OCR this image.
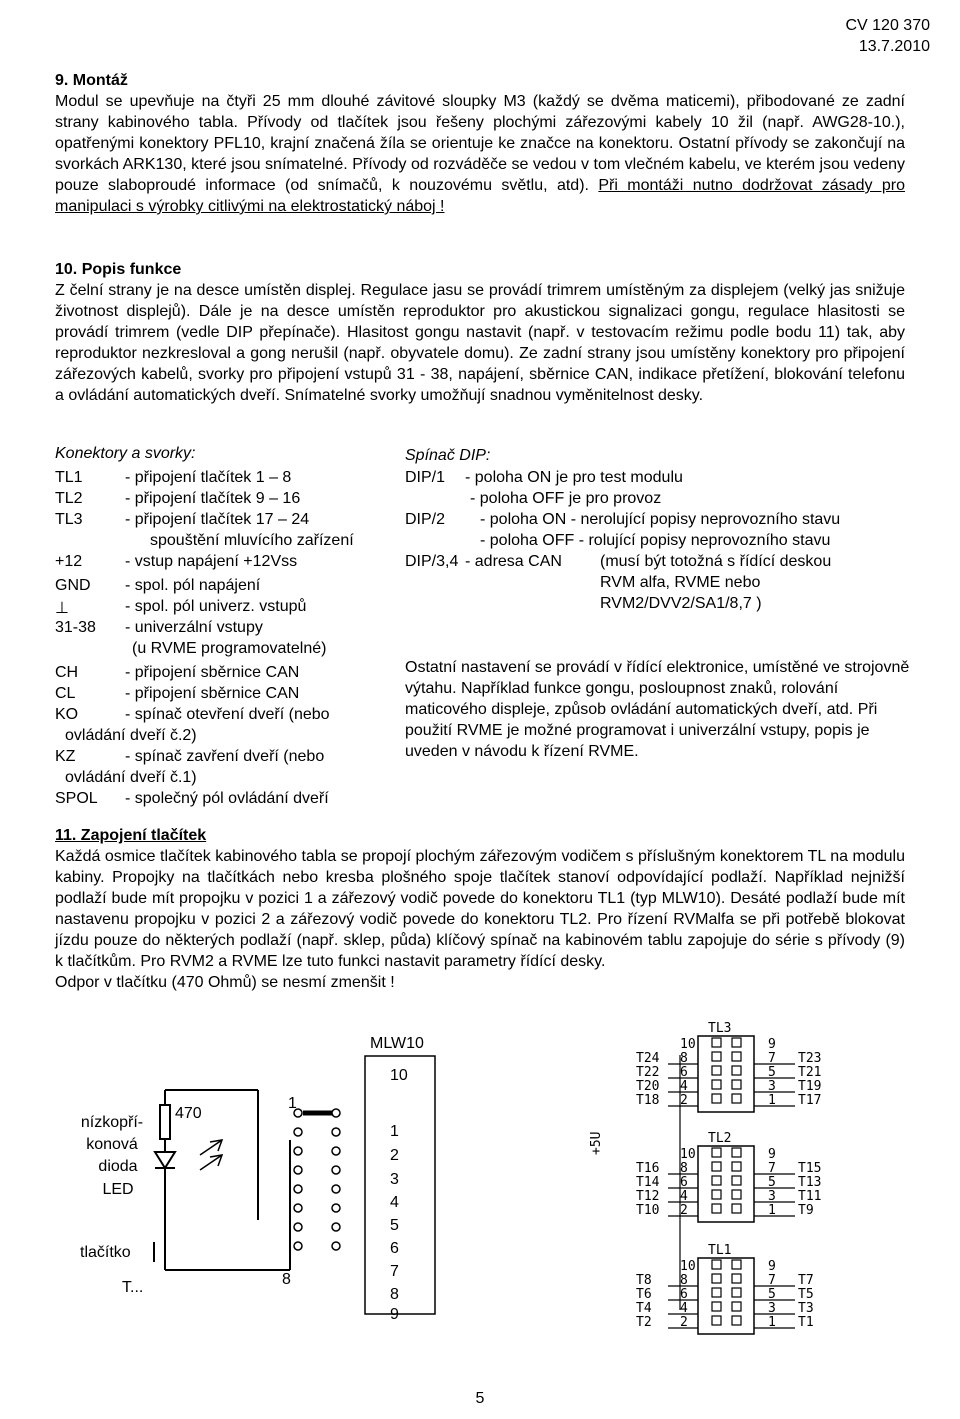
CV 120 370
13.7.2010
9. Montáž

Modul se upevňuje na čtyři 25 mm dlouhé závitové sloupky M3 (každý se dvěma maticemi), přibodované ze zadní strany kabinového tabla. Přívody od tlačítek jsou řešeny plochými zářezovými kabely 10 žil (např. AWG28-10.), opatřenými konektory PFL10, krajní značená žíla se orientuje ke značce na konektoru. Ostatní přívody se zakončují na svorkách ARK130, které jsou snímatelné. Přívody od rozváděče se vedou v tom vlečném kabelu, ve kterém jsou vedeny pouze slaboproudé informace (od snímačů, k nouzovému světlu, atd). Při montáži nutno dodržovat zásady pro manipulaci s výrobky citlivými na elektrostatický náboj !

10. Popis funkce

Z čelní strany je na desce umístěn displej. Regulace jasu se provádí trimrem umístěným za displejem (velký jas snižuje životnost displejů). Dále je na desce umístěn reproduktor pro akustickou signalizaci gongu, regulace hlasitosti se provádí trimrem (vedle DIP přepínače). Hlasitost gongu nastavit (např. v testovacím režimu podle bodu 11) tak, aby reproduktor nezkresloval a gong nerušil (např. obyvatele domu). Ze zadní strany jsou umístěny konektory pro připojení zářezových kabelů, svorky pro připojení vstupů 31 - 38, napájení, sběrnice CAN, indikace přetížení, blokování telefonu a ovládání automatických dveří. Snímatelné svorky umožňují snadnou vyměnitelnost desky.

Konektory a svorky:
TL1	- připojení tlačítek 1 – 8
TL2	- připojení tlačítek 9 – 16
TL3	- připojení tlačítek 17 – 24
spouštění mluvícího zařízení
+12	- vstup napájení +12Vss
GND - spol. pól napájení
⊥	- spol. pól univerz. vstupů
31-38 - univerzální vstupy
(u RVME programovatelné)
CH	- připojení sběrnice CAN
CL	- připojení sběrnice CAN
KO	- spínač otevření dveří (nebo
ovládání dveří č.2)
KZ	- spínač zavření dveří (nebo
ovládání dveří č.1)
SPOL - společný pól ovládání dveří
Spínač DIP:
DIP/1 - poloha ON je pro test modulu
- poloha OFF je pro provoz
DIP/2 - poloha ON - nerolující popisy neprovozního stavu
- poloha OFF - rolující popisy neprovozního stavu
DIP/3,4 - adresa CAN (musí být totožná s řídící deskou
RVM alfa, RVME nebo
RVM2/DVV2/SA1/8,7 )

Ostatní nastavení se provádí v řídící elektronice, umístěné ve strojovně výtahu. Například funkce gongu, posloupnost znaků, rolování maticového displeje, způsob ovládání automatických dveří, atd. Při použití RVME je možné programovat i univerzální vstupy, popis je uveden v návodu k řízení RVME.

11. Zapojení tlačítek

Každá osmice tlačítek kabinového tabla se propojí plochým zářezovým vodičem s příslušným konektorem TL na modulu kabiny. Propojky na tlačítkách nebo kresba plošného spoje tlačítek stanoví odpovídající podlaží. Například nejnižší podlaží bude mít propojku v pozici 1 a zářezový vodič povede do konektoru TL1 (typ MLW10). Desáté podlaží bude mít nastavenu propojku v pozici 2 a zářezový vodič povede do konektoru TL2. Pro řízení RVMalfa se při potřebě blokovat jízdu pouze do některých podlaží (např. sklep, půda) klíčový spínač na kabinovém tablu zapojuje do série s přívody (9) k tlačítkům. Pro RVM2 a RVME lze tuto funkci nastavit parametry řídící desky.

Odpor v tlačítku (470 Ohmů) se nesmí zmenšit !

nízkopří-
konová
dioda
LED
470
tlačítko
T...
1
8
MLW10
10
1
2
3
4
5
6
7
8
9
+5U
TL3
10	9
T24 8	7 T23
T22 6	5 T21
T20 4	3 T19
T18 2	1 T17
TL2
10	9
T16 8	7 T15
T14 6	5 T13
T12 4	3 T11
T10 2	1 T9
TL1
10	9
T8 8	7 T7
T6 6	5 T5
T4 4	3 T3
T2 2	1 T1
5
